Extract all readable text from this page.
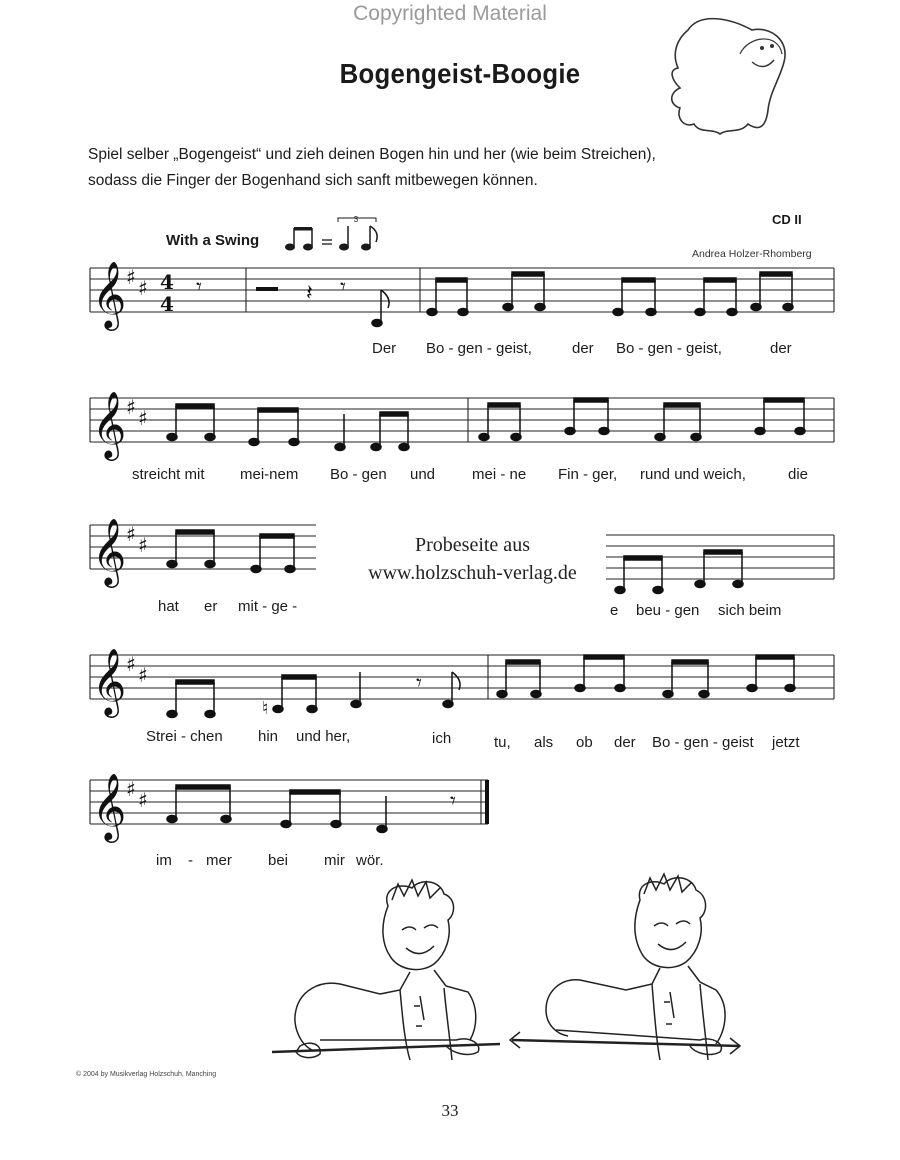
Copyrighted Material
Bogengeist-Boogie
Spiel selber „Bogengeist“ und zieh deinen Bogen hin und her (wie beim Streichen),
sodass die Finger der Bogenhand sich sanft mitbewegen können.
With a Swing
CD II
Andrea Holzer-Rhomberg
3
𝄞 ♯ ♯ 4
4
𝄾	𝄽 𝄾
𝄞 ♯ ♯
𝄞 ♯ ♯
𝄞 ♯ ♯	𝄾
♮
𝄞 ♯ ♯	𝄾
Der Bo - gen - geist,	der Bo - gen - geist,	der
streicht mit mei-nem Bo - gen und mei - ne Fin - ger, rund und weich,	die
hat er mit - ge -	e beu - gen sich beim
Strei - chen hin und her,	ich	tu, als ob der Bo - gen - geist jetzt
im - mer bei mir wör.
Probeseite aus
www.holzschuh-verlag.de
© 2004 by Musikverlag Holzschuh, Manching
33
